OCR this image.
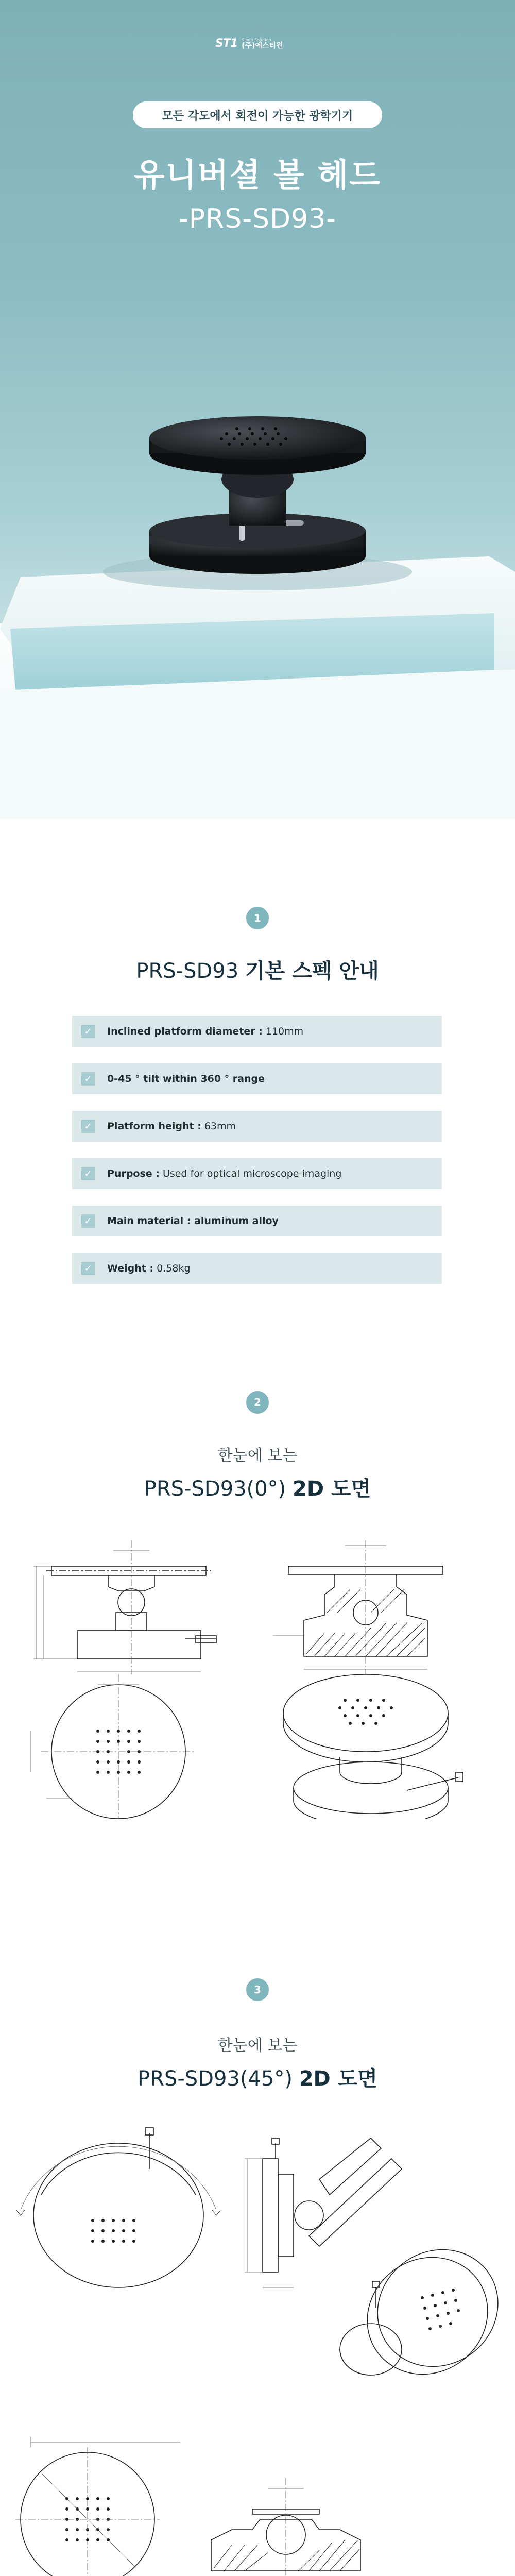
ST1 Sleep Solution
(주)에스티원
모든 각도에서 회전이 가능한 광학기기
유니버셜 볼 헤드
-PRS-SD93-
1
PRS-SD93 기본 스펙 안내
✓	Inclined platform diameter : 110mm
✓	0-45 ° tilt within 360 ° range
✓	Platform height : 63mm
✓	Purpose : Used for optical microscope imaging
✓	Main material : aluminum alloy
✓	Weight : 0.58kg
2
한눈에 보는
PRS-SD93(0°) 2D 도면
3
한눈에 보는
PRS-SD93(45°) 2D 도면
